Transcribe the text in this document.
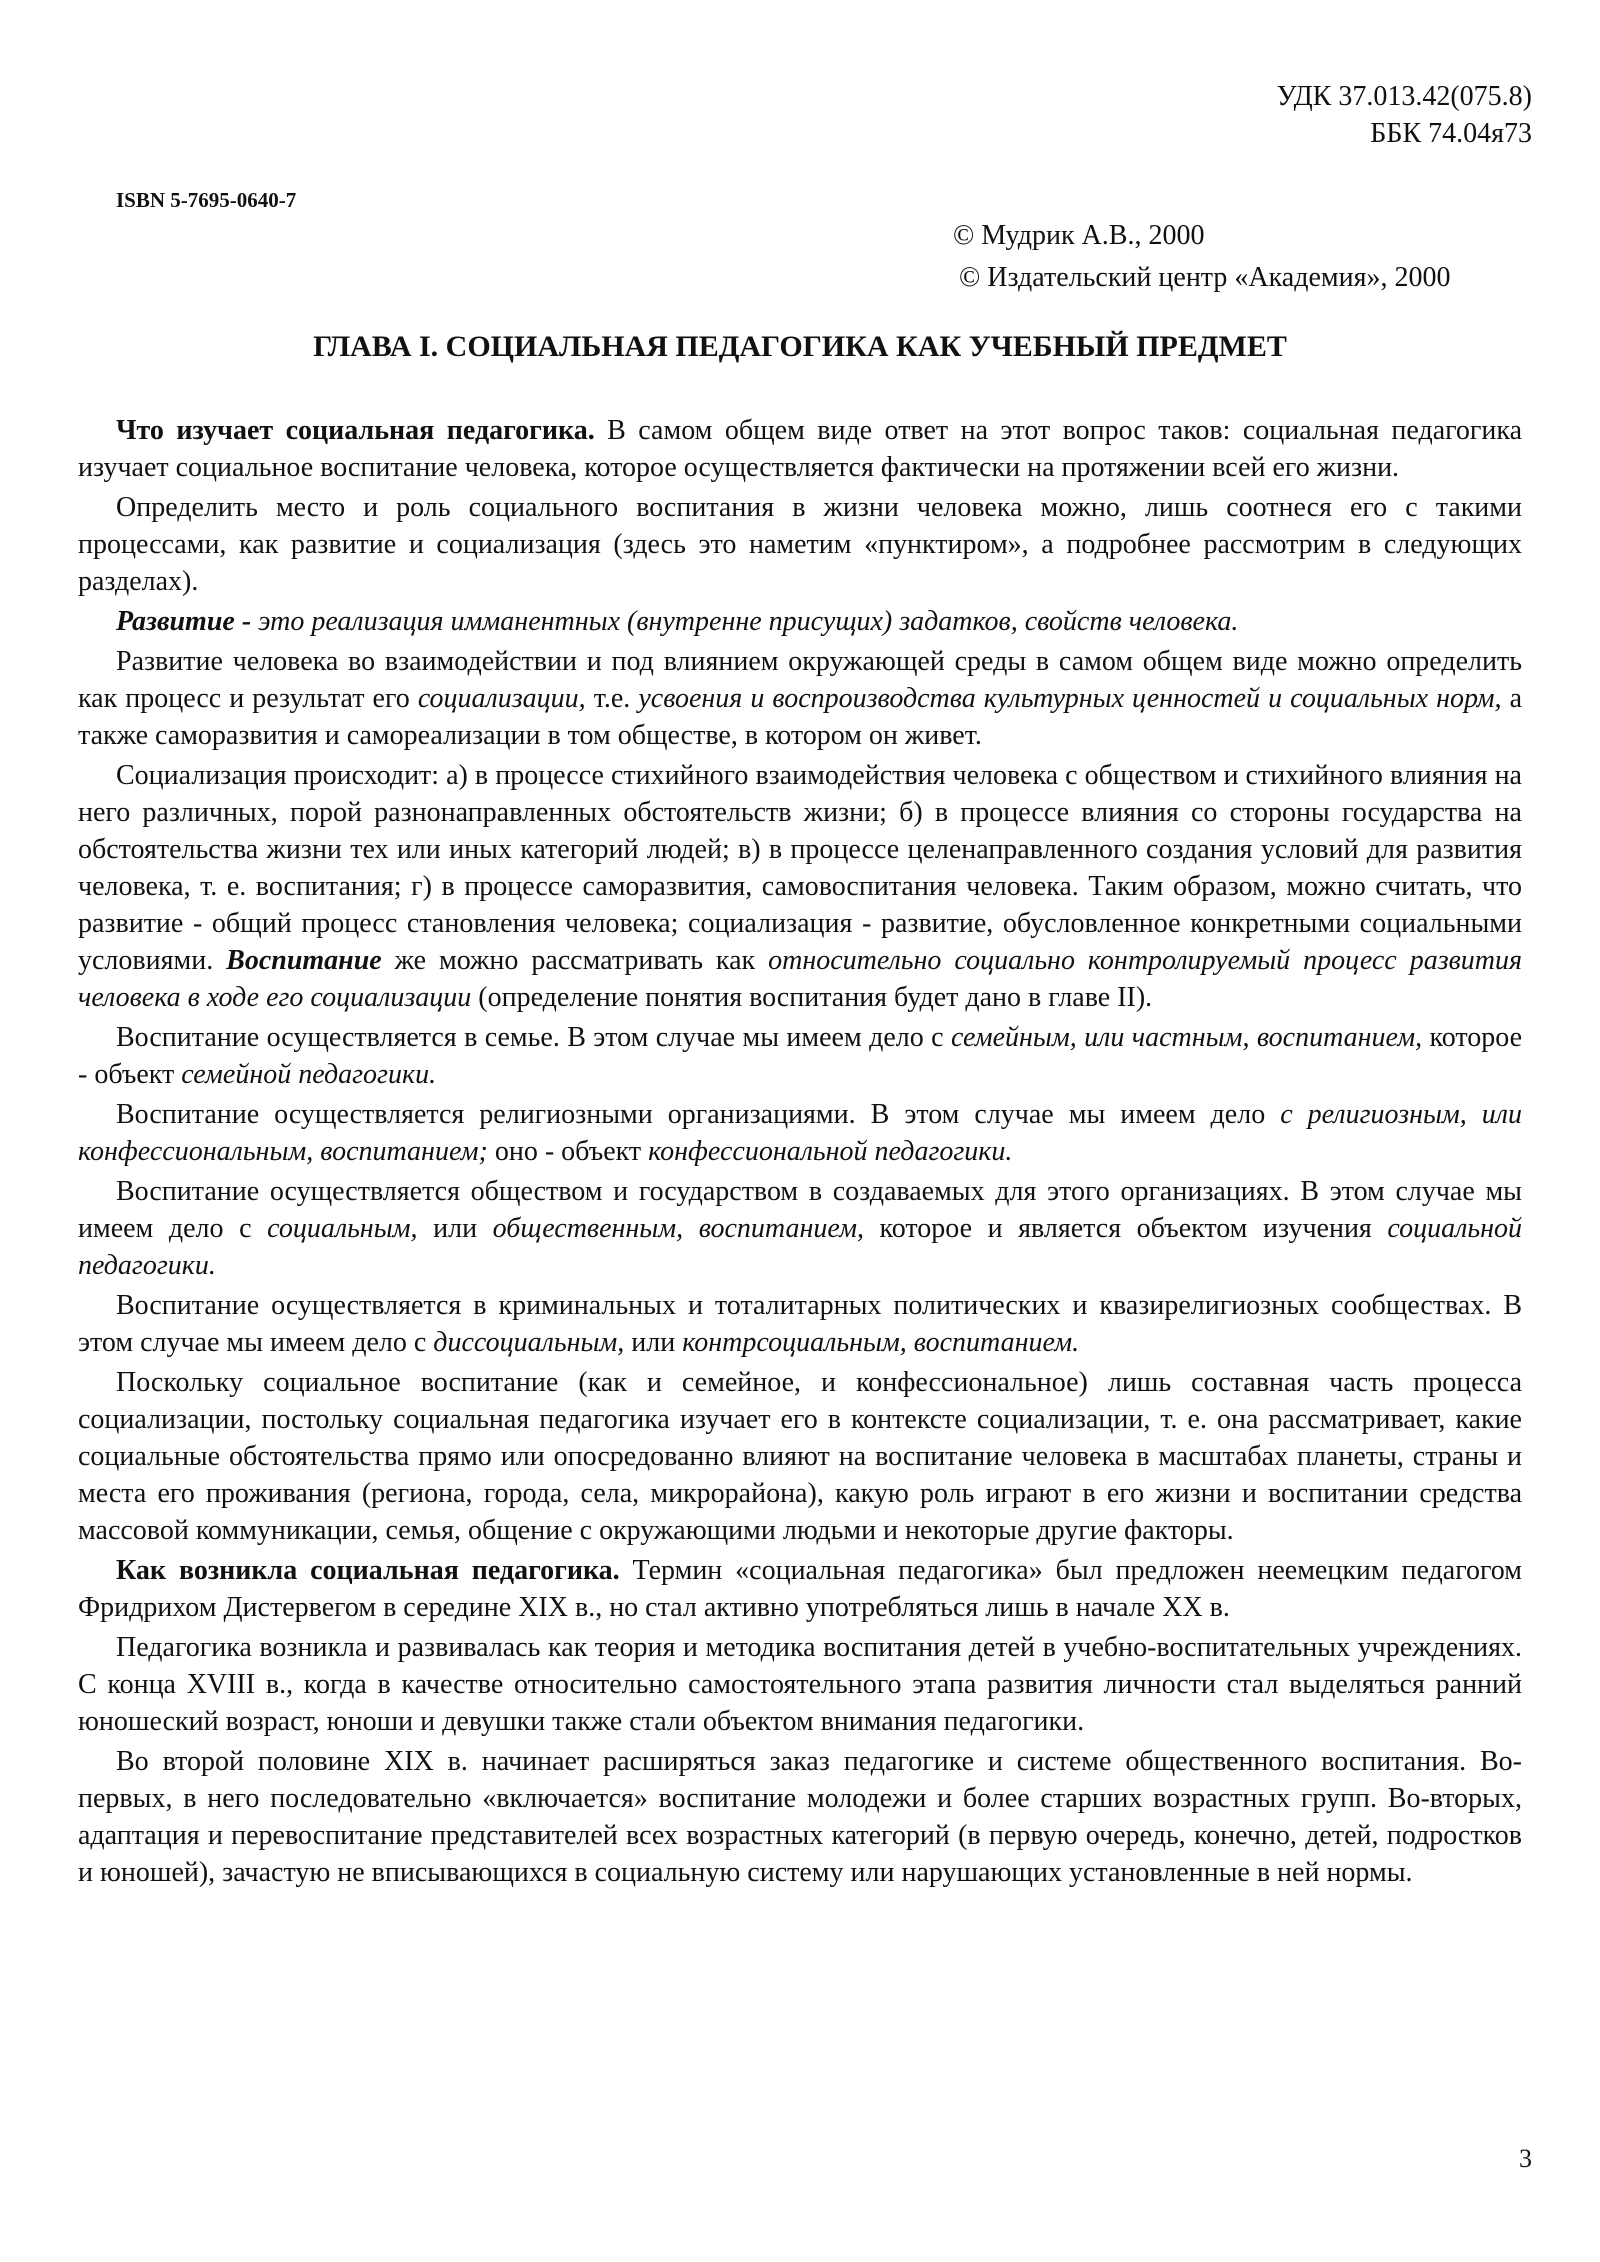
УДК 37.013.42(075.8)
ББК 74.04я73
ISBN 5-7695-0640-7
© Мудрик А.В., 2000
© Издательский центр «Академия», 2000
ГЛАВА I. СОЦИАЛЬНАЯ ПЕДАГОГИКА КАК УЧЕБНЫЙ ПРЕДМЕТ

Что изучает социальная педагогика. В самом общем виде ответ на этот вопрос таков: социальная педагогика изучает социальное воспитание человека, которое осуществляется фактически на протяжении всей его жизни.

Определить место и роль социального воспитания в жизни человека можно, лишь соотнеся его с такими процессами, как развитие и социализация (здесь это наметим «пунктиром», а подробнее рассмотрим в следующих разделах).

Развитие - это реализация имманентных (внутренне присущих) задатков, свойств человека.

Развитие человека во взаимодействии и под влиянием окружающей среды в самом общем виде можно определить как процесс и результат его социализации, т.е. усвоения и воспроизводства культурных ценностей и социальных норм, а также саморазвития и самореализации в том обществе, в котором он живет.

Социализация происходит: а) в процессе стихийного взаимодействия человека с обществом и стихийного влияния на него различных, порой разнонаправленных обстоятельств жизни; б) в процессе влияния со стороны государства на обстоятельства жизни тех или иных категорий людей; в) в процессе целенаправленного создания условий для развития человека, т. е. воспитания; г) в процессе саморазвития, самовоспитания человека. Таким образом, можно считать, что развитие - общий процесс становления человека; социализация - развитие, обусловленное конкретными социальными условиями. Воспитание же можно рассматривать как относительно социально контролируемый процесс развития человека в ходе его социализации (определение понятия воспитания будет дано в главе II).

Воспитание осуществляется в семье. В этом случае мы имеем дело с семейным, или частным, воспитанием, которое - объект семейной педагогики.

Воспитание осуществляется религиозными организациями. В этом случае мы имеем дело с религиозным, или конфессиональным, воспитанием; оно - объект конфессиональной педагогики.

Воспитание осуществляется обществом и государством в создаваемых для этого организациях. В этом случае мы имеем дело с социальным, или общественным, воспитанием, которое и является объектом изучения социальной педагогики.

Воспитание осуществляется в криминальных и тоталитарных политических и квазирелигиозных сообществах. В этом случае мы имеем дело с диссоциальным, или контрсоциальным, воспитанием.

Поскольку социальное воспитание (как и семейное, и конфессиональное) лишь составная часть процесса социализации, постольку социальная педагогика изучает его в контексте социализации, т. е. она рассматривает, какие социальные обстоятельства прямо или опосредованно влияют на воспитание человека в масштабах планеты, страны и места его проживания (региона, города, села, микрорайона), какую роль играют в его жизни и воспитании средства массовой коммуникации, семья, общение с окружающими людьми и некоторые другие факторы.

Как возникла социальная педагогика. Термин «социальная педагогика» был предложен неемецким педагогом Фридрихом Дистервегом в середине XIX в., но стал активно употребляться лишь в начале XX в.

Педагогика возникла и развивалась как теория и методика воспитания детей в учебно-воспитательных учреждениях. С конца XVIII в., когда в качестве относительно самостоятельного этапа развития личности стал выделяться ранний юношеский возраст, юноши и девушки также стали объектом внимания педагогики.

Во второй половине XIX в. начинает расширяться заказ педагогике и системе общественного воспитания. Во-первых, в него последовательно «включается» воспитание молодежи и более старших возрастных групп. Во-вторых, адаптация и перевоспитание представителей всех возрастных категорий (в первую очередь, конечно, детей, подростков и юношей), зачастую не вписывающихся в социальную систему или нарушающих установленные в ней нормы.

3
